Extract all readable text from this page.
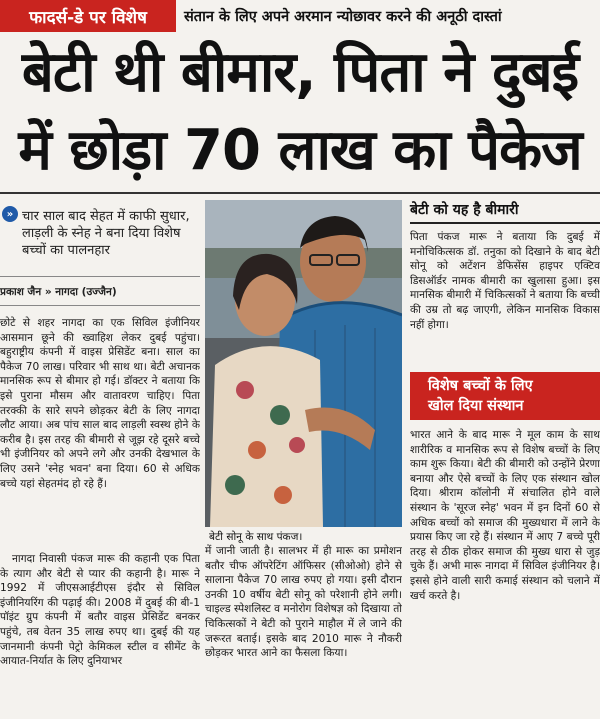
फादर्स-डे पर विशेष	संतान के लिए अपने अरमान न्योछावर करने की अनूठी दास्तां
बेटी थी बीमार, पिता ने दुबई
में छोड़ा 70 लाख का पैकेज
» चार साल बाद सेहत में काफी सुधार, लाड़ली के स्नेह ने बना दिया विशेष बच्चों का पालनहार
प्रकाश जैन » नागदा (उज्जैन)

छोटे से शहर नागदा का एक सिविल इंजीनियर आसमान छूने की ख्वाहिश लेकर दुबई पहुंचा। बहुराष्ट्रीय कंपनी में वाइस प्रेसिडेंट बना। साल का पैकेज 70 लाख। परिवार भी साथ था। बेटी अचानक मानसिक रूप से बीमार हो गई। डॉक्टर ने बताया कि इसे पुराना मौसम और वातावरण चाहिए। पिता तरक्की के सारे सपने छोड़कर बेटी के लिए नागदा लौट आया। अब पांच साल बाद लाड़ली स्वस्थ होने के करीब है। इस तरह की बीमारी से जूझ रहे दूसरे बच्चे भी इंजीनियर को अपने लगे और उनकी देखभाल के लिए उसने 'स्नेह भवन' बना दिया। 60 से अधिक बच्चे यहां सेहतमंद हो रहे हैं।

नागदा निवासी पंकज मारू की कहानी एक पिता के त्याग और बेटी से प्यार की कहानी है। मारू ने 1992 में जीएसआईटीएस इंदौर से सिविल इंजीनियरिंग की पढ़ाई की। 2008 में दुबई की बी-1 पॉइंट ग्रुप कंपनी में बतौर वाइस प्रेसिडेंट बनकर पहुंचे, तब वेतन 35 लाख रुपए था। दुबई की यह जानमानी कंपनी पेट्रो केमिकल स्टील व सीमेंट के आयात-निर्यात के लिए दुनियाभर

बेटी सोनू के साथ पंकज।

में जानी जाती है। सालभर में ही मारू का प्रमोशन बतौर चीफ ऑपरेटिंग ऑफिसर (सीओओ) होने से सालाना पैकेज 70 लाख रुपए हो गया। इसी दौरान उनकी 10 वर्षीय बेटी सोनू को परेशानी होने लगी। चाइल्ड स्पेशलिस्ट व मनोरोग विशेषज्ञ को दिखाया तो चिकित्सकों ने बेटी को पुराने माहौल में ले जाने की जरूरत बताई। इसके बाद 2010 मारू ने नौकरी छोड़कर भारत आने का फैसला किया।

बेटी को यह है बीमारी

पिता पंकज मारू ने बताया कि दुबई में मनोचिकित्सक डॉ. तनुका को दिखाने के बाद बेटी सोनू को अटेंशन डेफिसेंस हाइपर एक्टिव डिसऑर्डर नामक बीमारी का खुलासा हुआ। इस मानसिक बीमारी में चिकित्सकों ने बताया कि बच्ची की उम्र तो बढ़ जाएगी, लेकिन मानसिक विकास नहीं होगा।

विशेष बच्चों के लिए
खोल दिया संस्थान

भारत आने के बाद मारू ने मूल काम के साथ शारीरिक व मानसिक रूप से विशेष बच्चों के लिए काम शुरू किया। बेटी की बीमारी को उन्होंने प्रेरणा बनाया और ऐसे बच्चों के लिए एक संस्थान खोल दिया। श्रीराम कॉलोनी में संचालित होने वाले संस्थान के 'सूरज स्नेह' भवन में इन दिनों 60 से अधिक बच्चों को समाज की मुख्यधारा में लाने के प्रयास किए जा रहे हैं। संस्थान में आए 7 बच्चे पूरी तरह से ठीक होकर समाज की मुख्य धारा से जुड़ चुके हैं। अभी मारू नागदा में सिविल इंजीनियर है। इससे होने वाली सारी कमाई संस्थान को चलाने में खर्च करते है।
